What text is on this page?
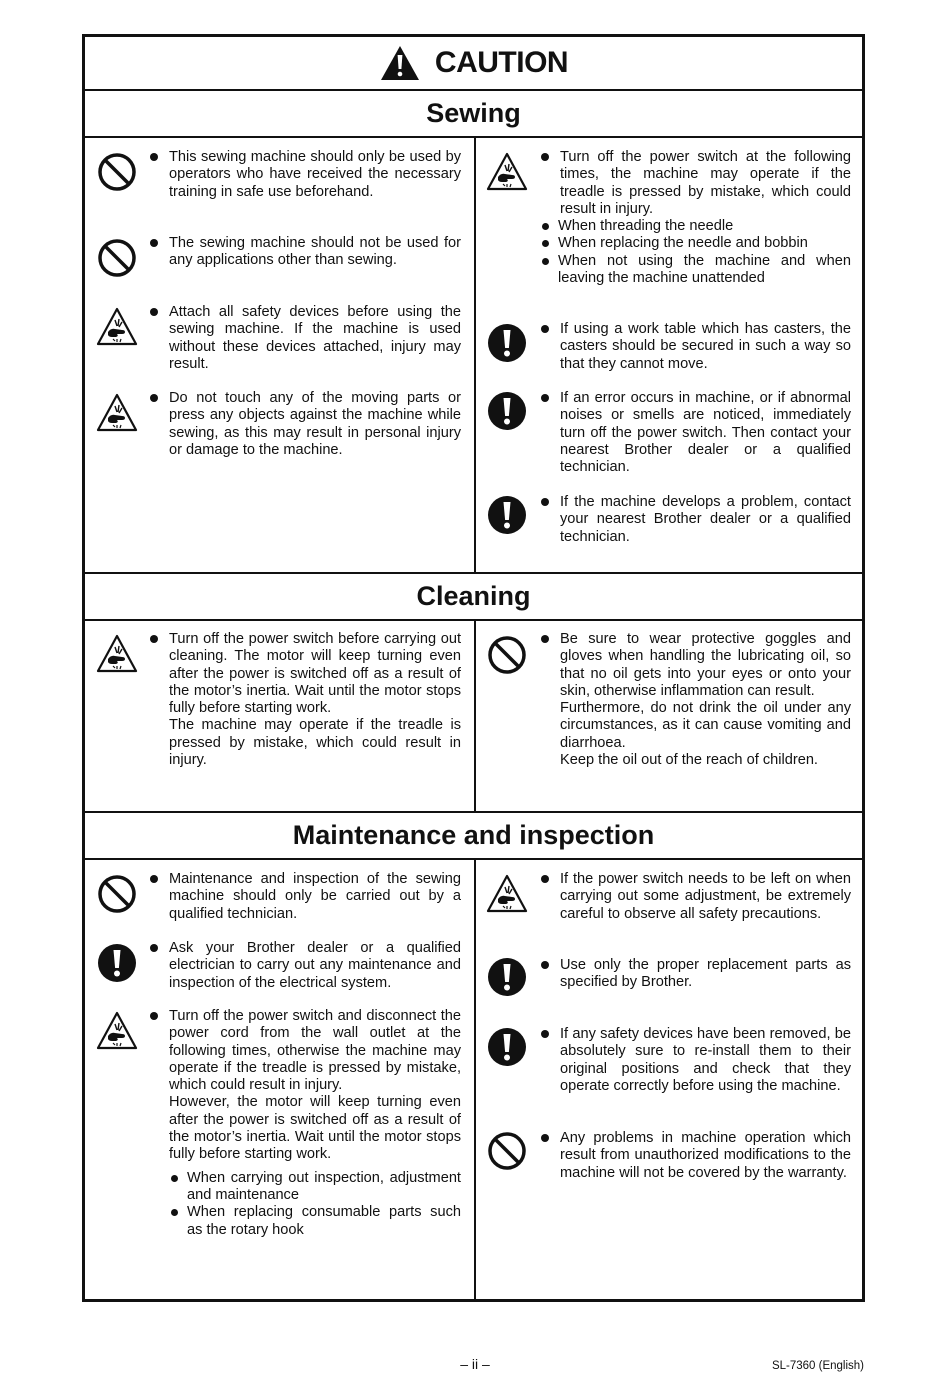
CAUTION
Sewing

This sewing machine should only be used by operators who have received the necessary training in safe use beforehand.

The sewing machine should not be used for any applications other than sewing.

Attach all safety devices before using the sewing machine. If the machine is used without these devices attached, injury may result.

Do not touch any of the moving parts or press any objects against the machine while sewing, as this may result in personal injury or damage to the machine.

Turn off the power switch at the following times, the machine may operate if the treadle is pressed by mistake, which could result in injury.

When threading the needle

When replacing the needle and bobbin

When not using the machine and when leaving the machine unattended

If using a work table which has casters, the casters should be secured in such a way so that they cannot move.

If an error occurs in machine, or if abnormal noises or smells are noticed, immediately turn off the power switch. Then contact your nearest Brother dealer or a qualified technician.

If the machine develops a problem, contact your nearest Brother dealer or a qualified technician.

Cleaning

Turn off the power switch before carrying out cleaning. The motor will keep turning even after the power is switched off as a result of the motor’s inertia. Wait until the motor stops fully before starting work.

The machine may operate if the treadle is pressed by mistake, which could result in injury.

Be sure to wear protective goggles and gloves when handling the lubricating oil, so that no oil gets into your eyes or onto your skin, otherwise inflammation can result.

Furthermore, do not drink the oil under any circumstances, as it can cause vomiting and diarrhoea.

Keep the oil out of the reach of children.

Maintenance and inspection

Maintenance and inspection of the sewing machine should only be carried out by a qualified technician.

Ask your Brother dealer or a qualified electrician to carry out any maintenance and inspection of the electrical system.

Turn off the power switch and disconnect the power cord from the wall outlet at the following times, otherwise the machine may operate if the treadle is pressed by mistake, which could result in injury.

However, the motor will keep turning even after the power is switched off as a result of the motor’s inertia. Wait until the motor stops fully before starting work.

When carrying out inspection, adjustment and maintenance

When replacing consumable parts such as the rotary hook

If the power switch needs to be left on when carrying out some adjustment, be extremely careful to observe all safety precautions.

Use only the proper replacement parts as specified by Brother.

If any safety devices have been removed, be absolutely sure to re-install them to their original positions and check that they operate correctly before using the machine.

Any problems in machine operation which result from unauthorized modifications to the machine will not be covered by the warranty.

– ii –	SL-7360 (English)
